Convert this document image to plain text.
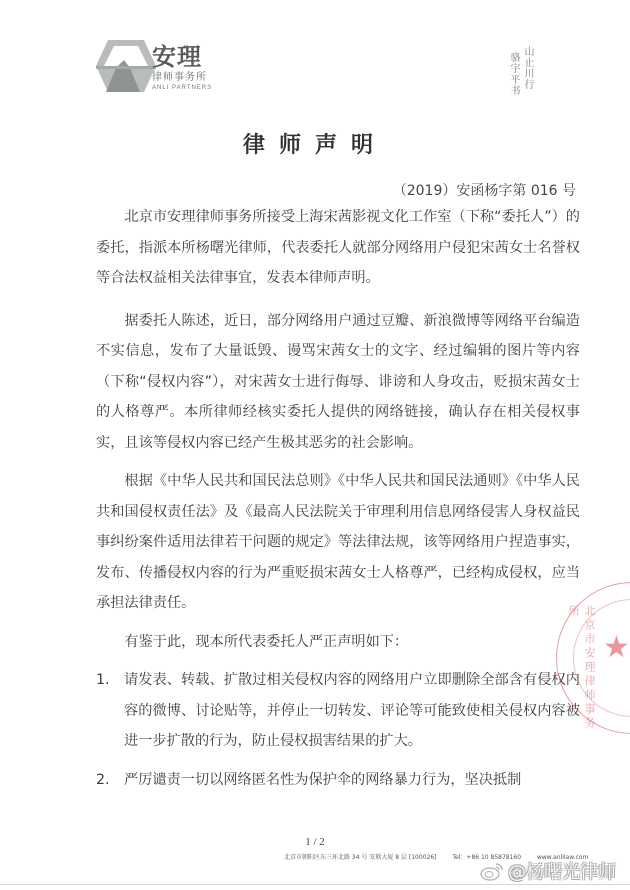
安理
律师事务所
ANLI PARTNERS	山止川行
骆宇平书
律师声明
（2019）安函杨字第 016 号

北京市安理律师事务所接受上海宋茜影视文化工作室（下称“委托人”）的委托，指派本所杨曙光律师，代表委托人就部分网络用户侵犯宋茜女士名誉权等合法权益相关法律事宜，发表本律师声明。

据委托人陈述，近日，部分网络用户通过豆瓣、新浪微博等网络平台编造不实信息，发布了大量诋毁、谩骂宋茜女士的文字、经过编辑的图片等内容（下称“侵权内容”），对宋茜女士进行侮辱、诽谤和人身攻击，贬损宋茜女士的人格尊严。本所律师经核实委托人提供的网络链接，确认存在相关侵权事实，且该等侵权内容已经产生极其恶劣的社会影响。

根据《中华人民共和国民法总则》《中华人民共和国民法通则》《中华人民共和国侵权责任法》及《最高人民法院关于审理利用信息网络侵害人身权益民事纠纷案件适用法律若干问题的规定》等法律法规，该等网络用户捏造事实，发布、传播侵权内容的行为严重贬损宋茜女士人格尊严，已经构成侵权，应当承担法律责任。

有鉴于此，现本所代表委托人严正声明如下：

1. 请发表、转载、扩散过相关侵权内容的网络用户立即删除全部含有侵权内容的微博、讨论贴等，并停止一切转发、评论等可能致使相关侵权内容被进一步扩散的行为，防止侵权损害结果的扩大。
2. 严厉谴责一切以网络匿名性为保护伞的网络暴力行为，坚决抵制
北京市安理律师事务所
★
1 / 2
北京市朝阳区东三环北路 34 号 安联大厦 8 层 [100026]	Tel：+86 10 85878160	www.anlilaw.com
@杨曙光律师
